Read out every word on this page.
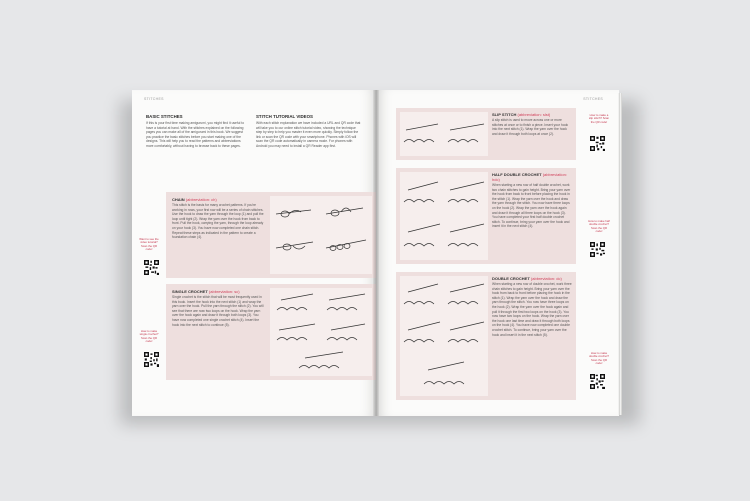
STITCHES
BASIC STITCHES

If this is your first time making amigurumi, you might find it useful to have a tutorial at hand. With the stitches explained on the following pages you can make all of the amigurumi in this book. We suggest you practice the basic stitches before you start making one of the designs. This will help you to read the patterns and abbreviations more comfortably, without having to browse back to these pages.

STITCH TUTORIAL VIDEOS

With each stitch explanation we have included a URL and QR code that will take you to our online stitch tutorial video, showing the technique step by step to help you master it even more quickly. Simply follow the link or scan the QR code with your smartphone. Phones with iOS will scan the QR code automatically in camera mode. For phones with Android you may need to install a QR Reader app first.

Want to see the video tutorial? Scan the QR code!
CHAIN (abbreviation: ch)

This stitch is the basis for many crochet patterns. If you're working in rows, your first row will be a series of chain stitches. Use the hook to draw the yarn through the loop (1) and pull the loop until tight (2). Wrap the yarn over the hook from back to front. Pull the hook, carrying the yarn, through the loop already on your hook (3). You have now completed one chain stitch. Repeat these steps as indicated in the pattern to create a foundation chain (4).

How to make single crochet? Scan the QR code!
SINGLE CROCHET (abbreviation: sc)

Single crochet is the stitch that will be most frequently used in this book. Insert the hook into the next stitch (1) and wrap the yarn over the hook. Pull the yarn through the stitch (2). You will see that there are now two loops on the hook. Wrap the yarn over the hook again and draw it through both loops (3). You have now completed one single crochet stitch (4). Insert the hook into the next stitch to continue (5).

STITCHES
SLIP STITCH (abbreviation: slst)

A slip stitch is used to move across one or more stitches at once or to finish a piece. Insert your hook into the next stitch (1). Wrap the yarn over the hook and draw it through both loops at once (2).

How to make a slip stitch? Scan the QR code!
HALF DOUBLE CROCHET (abbreviation: hdc)

When starting a new row of half double crochet, work two chain stitches to gain height. Bring your yarn over the hook from back to front before placing the hook in the stitch (1). Wrap the yarn over the hook and draw the yarn through the stitch. You now have three loops on the hook (2). Wrap the yarn over the hook again and draw it through all three loops on the hook (3). You have completed your first half double crochet stitch. To continue, bring your yarn over the hook and insert it in the next stitch (4).

How to make half double crochet? Scan the QR code!
DOUBLE CROCHET (abbreviation: dc)

When starting a new row of double crochet, work three chain stitches to gain height. Bring your yarn over the hook from back to front before placing the hook in the stitch (1). Wrap the yarn over the hook and draw the yarn through the stitch. You now have three loops on the hook (2). Wrap the yarn over the hook again and pull it through the first two loops on the hook (3). You now have two loops on the hook. Wrap the yarn over the hook one last time and draw it through both loops on the hook (4). You have now completed one double crochet stitch. To continue, bring your yarn over the hook and insert it in the next stitch (5).

How to make double crochet? Scan the QR code!
